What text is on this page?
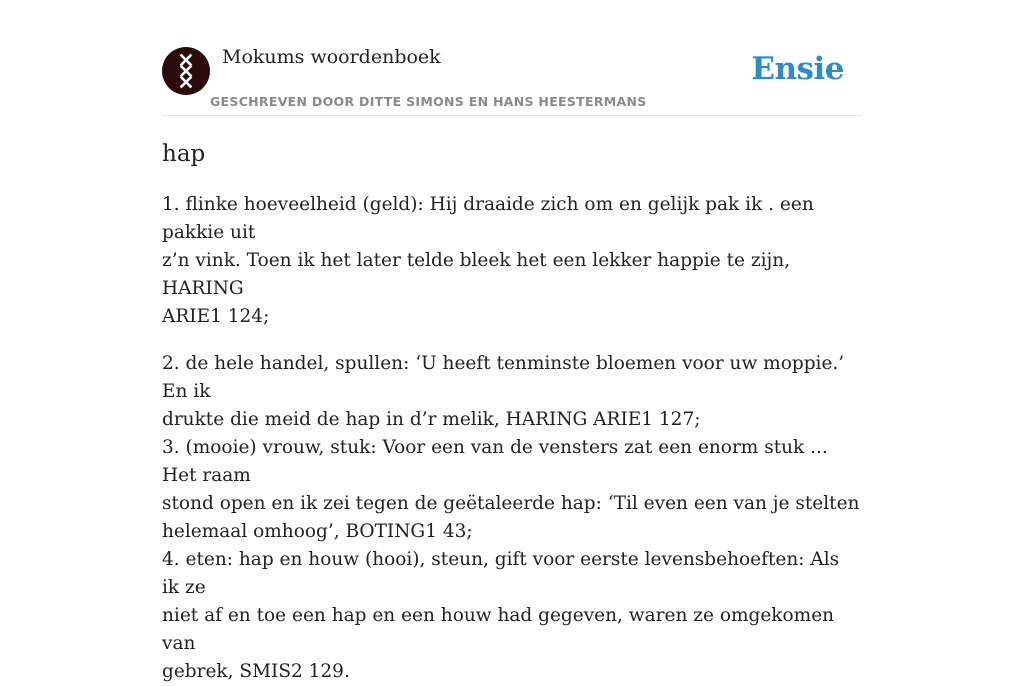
Mokums woordenboek
GESCHREVEN DOOR DITTE SIMONS EN HANS HEESTERMANS
Ensie
hap

1. flinke hoeveelheid (geld): Hij draaide zich om en gelijk pak ik . een pakkie uit
z’n vink. Toen ik het later telde bleek het een lekker happie te zijn, HARING
ARIE1 124;

2. de hele handel, spullen: ‘U heeft tenminste bloemen voor uw moppie.’ En ik
drukte die meid de hap in d’r melik, HARING ARIE1 127;
3. (mooie) vrouw, stuk: Voor een van de vensters zat een enorm stuk ... Het raam
stond open en ik zei tegen de geëtaleerde hap: ‘Til even een van je stelten
helemaal omhoog’, BOTING1 43;
4. eten: hap en houw (hooi), steun, gift voor eerste levensbehoeften: Als ik ze
niet af en toe een hap en een houw had gegeven, waren ze omgekomen van
gebrek, SMIS2 129.
